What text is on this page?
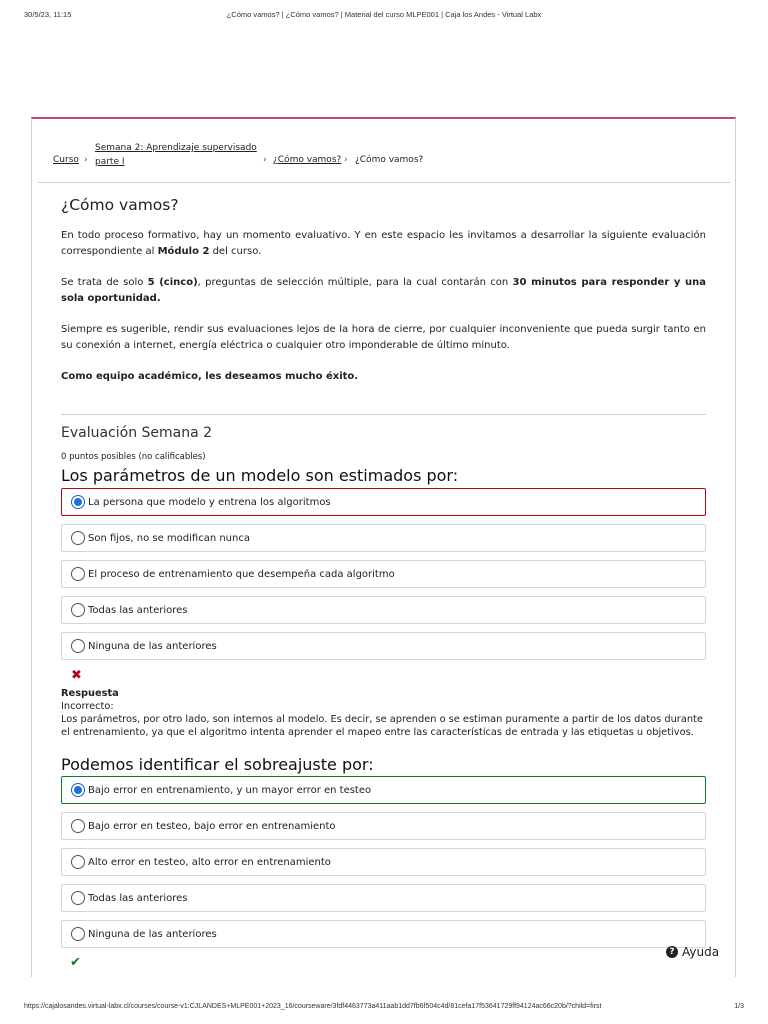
30/5/23, 11:15	¿Cómo vamos? | ¿Cómo vamos? | Material del curso MLPE001 | Caja los Andes - Virtual Labx
Curso ›
Semana 2: Aprendizaje supervisado parte I	› ¿Cómo vamos? › ¿Cómo vamos?
¿Cómo vamos?

En todo proceso formativo, hay un momento evaluativo. Y en este espacio les invitamos a desarrollar la siguiente evaluación correspondiente al Módulo 2 del curso.

Se trata de solo 5 (cinco), preguntas de selección múltiple, para la cual contarán con 30 minutos para responder y una sola oportunidad.

Siempre es sugerible, rendir sus evaluaciones lejos de la hora de cierre, por cualquier inconveniente que pueda surgir tanto en su conexión a internet, energía eléctrica o cualquier otro imponderable de último minuto.

Como equipo académico, les deseamos mucho éxito.

Evaluación Semana 2
0 puntos posibles (no calificables)
Los parámetros de un modelo son estimados por:
La persona que modelo y entrena los algoritmos
Son fijos, no se modifican nunca
El proceso de entrenamiento que desempeña cada algoritmo
Todas las anteriores
Ninguna de las anteriores
✖
Respuesta
Incorrecto:
Los parámetros, por otro lado, son internos al modelo. Es decir, se aprenden o se estiman puramente a partir de los datos durante el entrenamiento, ya que el algoritmo intenta aprender el mapeo entre las características de entrada y las etiquetas u objetivos.
Podemos identificar el sobreajuste por:
Bajo error en entrenamiento, y un mayor error en testeo
Bajo error en testeo, bajo error en entrenamiento
Alto error en testeo, alto error en entrenamiento
Todas las anteriores
Ninguna de las anteriores
✔
? Ayuda
https://cajalosandes.virtual-labx.cl/courses/course-v1:CJLANDES+MLPE001+2023_16/courseware/3fdf4463773a411aab1dd7fb6f504c4d/81cefa17f53641729ff94124ac66c20b/?child=first	1/3
